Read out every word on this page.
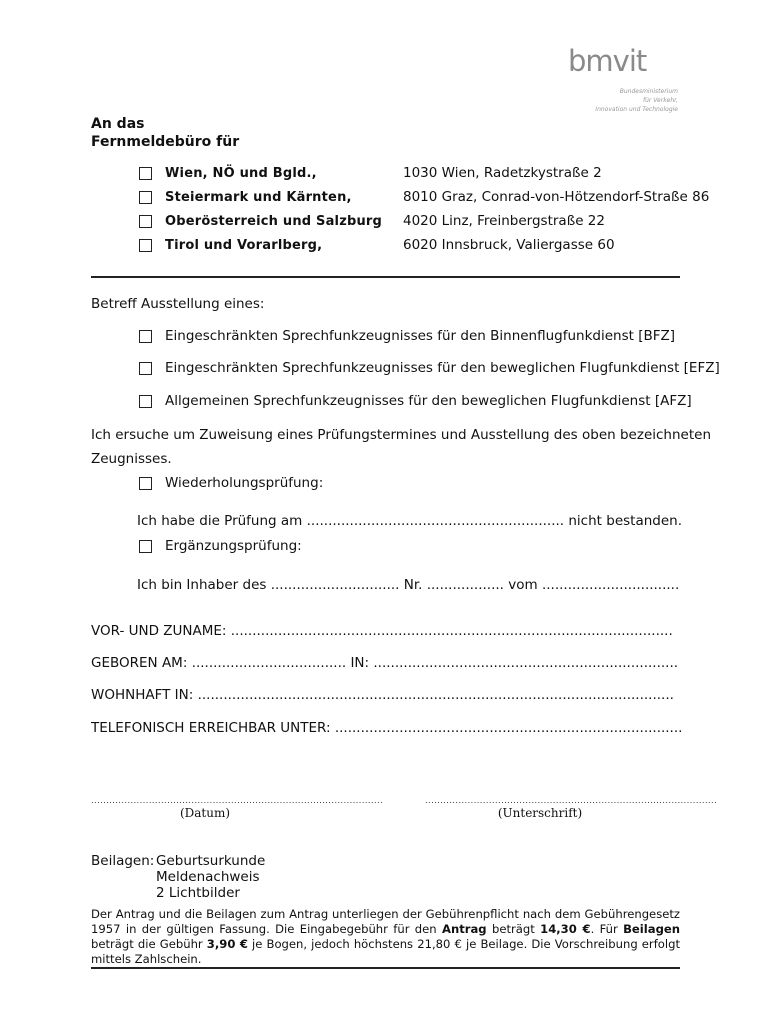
bmvit
Bundesministerium
für Verkehr,
Innovation und Technologie
An das
Fernmeldebüro für
Wien, NÖ und Bgld.,	1030 Wien, Radetzkystraße 2
Steiermark und Kärnten,	8010 Graz, Conrad-von-Hötzendorf-Straße 86
Oberösterreich und Salzburg 4020 Linz, Freinbergstraße 22
Tirol und Vorarlberg,	6020 Innsbruck, Valiergasse 60
Betreff Ausstellung eines:
Eingeschränkten Sprechfunkzeugnisses für den Binnenflugfunkdienst [BFZ]
Eingeschränkten Sprechfunkzeugnisses für den beweglichen Flugfunkdienst [EFZ]
Allgemeinen Sprechfunkzeugnisses für den beweglichen Flugfunkdienst [AFZ]
Ich ersuche um Zuweisung eines Prüfungstermines und Ausstellung des oben bezeichneten
Zeugnisses.
Wiederholungsprüfung:
Ich habe die Prüfung am ............................................................ nicht bestanden.
Ergänzungsprüfung:
Ich bin Inhaber des .............................. Nr. .................. vom ................................
VOR- UND ZUNAME: .......................................................................................................
GEBOREN AM: .................................... IN: .......................................................................
WOHNHAFT IN: ...............................................................................................................
TELEFONISCH ERREICHBAR UNTER: .................................................................................
................................................................................................	................................................................................................
(Datum)	(Unterschrift)
Beilagen: Geburtsurkunde
Meldenachweis
2 Lichtbilder
Der Antrag und die Beilagen zum Antrag unterliegen der Gebührenpflicht nach dem Gebührengesetz 1957 in der gültigen Fassung. Die Eingabegebühr für den Antrag beträgt 14,30 €. Für Beilagen beträgt die Gebühr 3,90 € je Bogen, jedoch höchstens 21,80 € je Beilage. Die Vorschreibung erfolgt mittels Zahlschein.
